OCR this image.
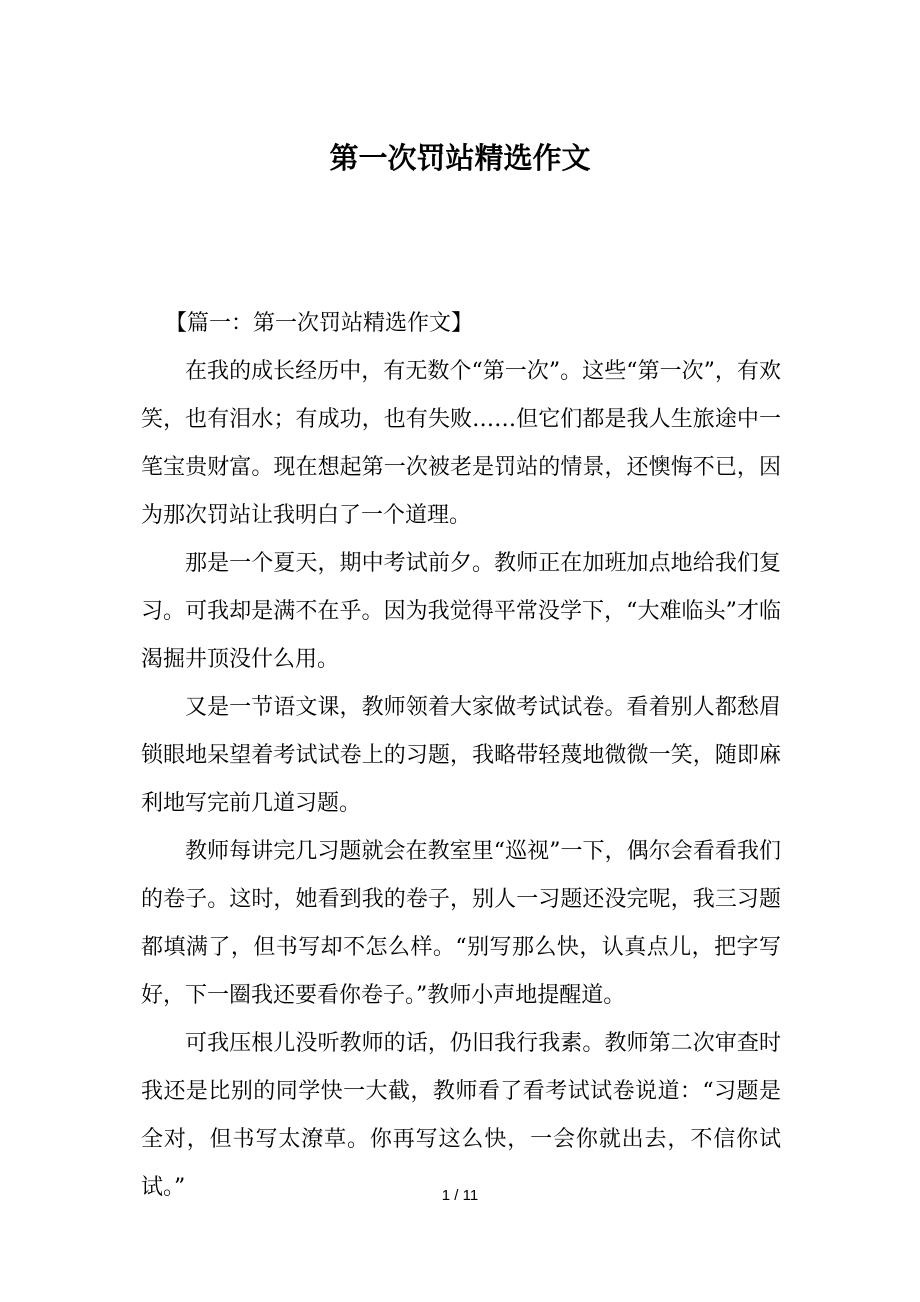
第一次罚站精选作文

【篇一：第一次罚站精选作文】

在我的成长经历中，有无数个“第一次”。这些“第一次”，有欢笑，也有泪水；有成功，也有失败……但它们都是我人生旅途中一笔宝贵财富。现在想起第一次被老是罚站的情景，还懊悔不已，因为那次罚站让我明白了一个道理。

那是一个夏天，期中考试前夕。教师正在加班加点地给我们复习。可我却是满不在乎。因为我觉得平常没学下，“大难临头”才临渴掘井顶没什么用。

又是一节语文课，教师领着大家做考试试卷。看着别人都愁眉锁眼地呆望着考试试卷上的习题，我略带轻蔑地微微一笑，随即麻利地写完前几道习题。

教师每讲完几习题就会在教室里“巡视”一下，偶尔会看看我们的卷子。这时，她看到我的卷子，别人一习题还没完呢，我三习题都填满了，但书写却不怎么样。“别写那么快，认真点儿，把字写好，下一圈我还要看你卷子。”教师小声地提醒道。

可我压根儿没听教师的话，仍旧我行我素。教师第二次审查时我还是比别的同学快一大截，教师看了看考试试卷说道：“习题是全对，但书写太潦草。你再写这么快，一会你就出去，不信你试试。”	1 / 11
